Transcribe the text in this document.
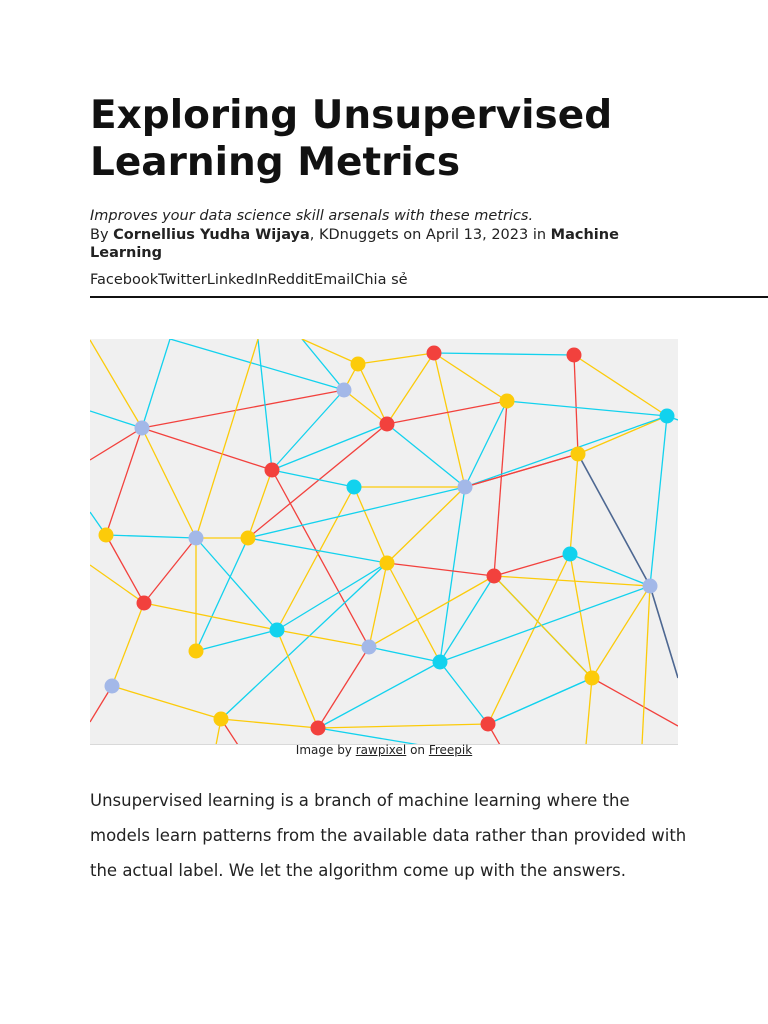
Exploring Unsupervised Learning Metrics

Improves your data science skill arsenals with these metrics.

By Cornellius Yudha Wijaya, KDnuggets on April 13, 2023 in Machine Learning

FacebookTwitterLinkedInRedditEmailChia sẻ
Image by rawpixel on Freepik

Unsupervised learning is a branch of machine learning where the models learn patterns from the available data rather than provided with the actual label. We let the algorithm come up with the answers.
